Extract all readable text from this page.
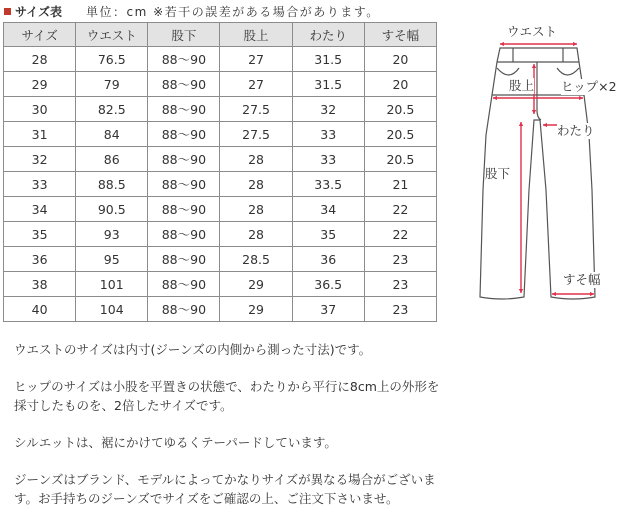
サイズ表 単位：cm ※若干の誤差がある場合があります。
サイズ	ウエスト	股下	股上	わたり	すそ幅
28	76.5	88～90	27	31.5	20
29	79	88～90	27	31.5	20
30	82.5	88～90	27.5	32	20.5
31	84	88～90	27.5	33	20.5
32	86	88～90	28	33	20.5
33	88.5	88～90	28	33.5	21
34	90.5	88～90	28	34	22
35	93	88～90	28	35	22
36	95	88～90	28.5	36	23
38	101	88～90	29	36.5	23
40	104	88～90	29	37	23

ウエストのサイズは内寸(ジーンズの内側から測った寸法)です。

ヒップのサイズは小股を平置きの状態で、わたりから平行に8cm上の外形を採寸したものを、2倍したサイズです。

シルエットは、裾にかけてゆるくテーパードしています。

ジーンズはブランド、モデルによってかなりサイズが異なる場合がございます。お手持ちのジーンズでサイズをご確認の上、ご注文下さいませ。

ウエスト
股上 ヒップ×2
わたり
股下
すそ幅
